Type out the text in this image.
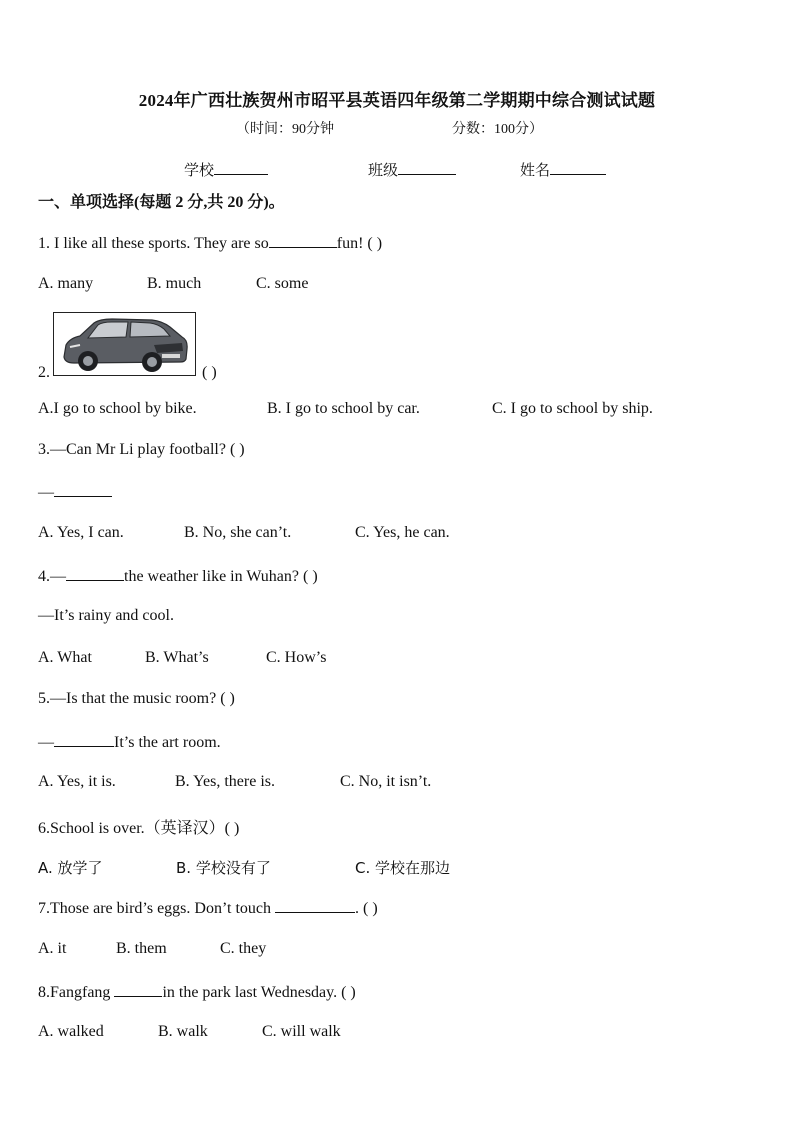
2024年广西壮族贺州市昭平县英语四年级第二学期期中综合测试试题
（时间：90分钟	分数：100分）
学校	班级	姓名
一、单项选择(每题 2 分,共 20 分)。
1. I like all these sports. They are so	fun! ( )
A. many	B. much	C. some
2.	( )
A.I go to school by bike.	B. I go to school by car.	C. I go to school by ship.
3.—Can Mr Li play football? ( )
—
A. Yes, I can.	B. No, she can’t.	C. Yes, he can.
4.—	the weather like in Wuhan? ( )
—It’s rainy and cool.
A. What	B. What’s	C. How’s
5.—Is that the music room? ( )
—	It’s the art room.
A. Yes, it is.	B. Yes, there is.	C. No, it isn’t.
6.School is over.（英译汉）( )
A. 放学了	B. 学校没有了	C. 学校在那边
7.Those are bird’s eggs. Don’t touch	. ( )
A. it	B. them	C. they
8.Fangfang	in the park last Wednesday. ( )
A. walked	B. walk	C. will walk
